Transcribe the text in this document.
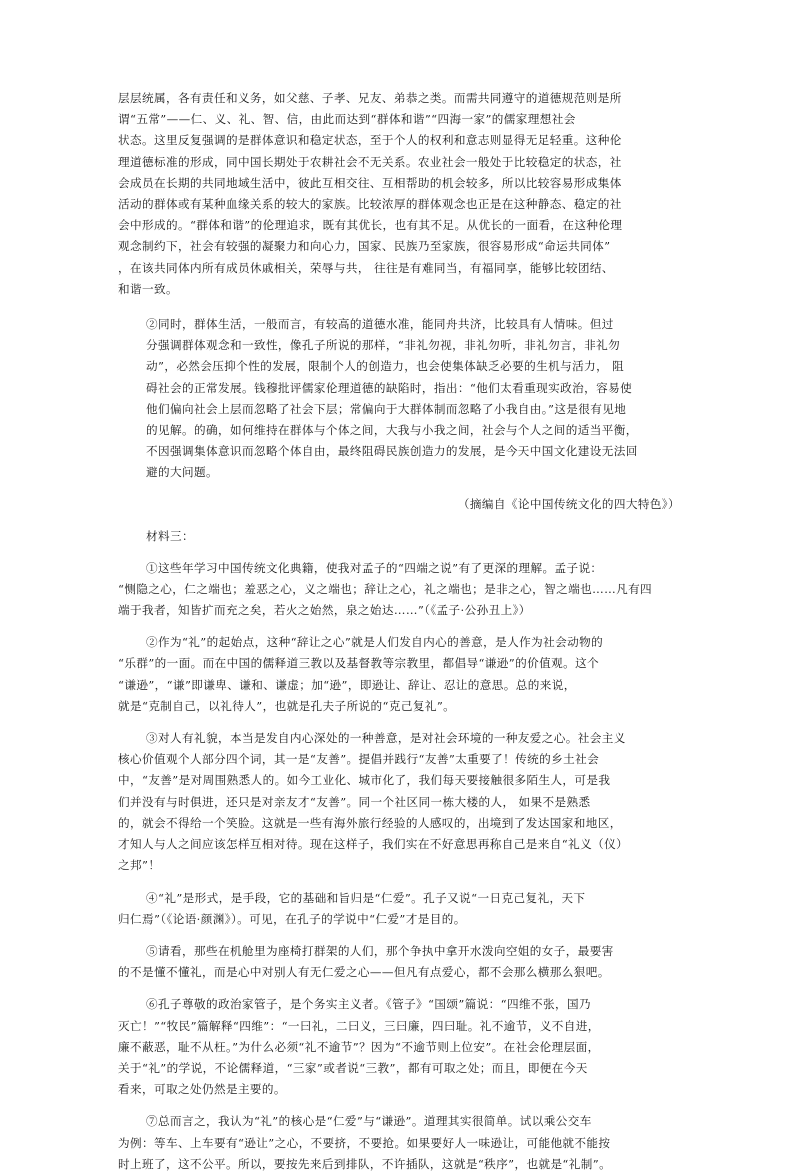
层层统属，各有责任和义务，如父慈、子孝、兄友、弟恭之类。而需共同遵守的道德规范则是所
谓“五常”——仁、义、礼、智、信，由此而达到“群体和谐”“四海一家”的儒家理想社会
状态。这里反复强调的是群体意识和稳定状态，至于个人的权利和意志则显得无足轻重。这种伦
理道德标准的形成，同中国长期处于农耕社会不无关系。农业社会一般处于比较稳定的状态，社
会成员在长期的共同地域生活中，彼此互相交往、互相帮助的机会较多，所以比较容易形成集体
活动的群体或有某种血缘关系的较大的家族。比较浓厚的群体观念也正是在这种静态、稳定的社
会中形成的。“群体和谐”的伦理追求，既有其优长，也有其不足。从优长的一面看，在这种伦理
观念制约下，社会有较强的凝聚力和向心力，国家、民族乃至家族，很容易形成“命运共同体”
，在该共同体内所有成员休戚相关，荣辱与共， 往往是有难同当，有福同享，能够比较团结、
和谐一致。
②同时，群体生活，一般而言，有较高的道德水准，能同舟共济，比较具有人情味。但过
分强调群体观念和一致性，像孔子所说的那样，“非礼勿视，非礼勿听，非礼勿言，非礼勿
动”，必然会压抑个性的发展，限制个人的创造力，也会使集体缺乏必要的生机与活力， 阻
碍社会的正常发展。钱穆批评儒家伦理道德的缺陷时，指出：“他们太看重现实政治，容易使
他们偏向社会上层而忽略了社会下层；常偏向于大群体制而忽略了小我自由。”这是很有见地
的见解。的确，如何维持在群体与个体之间，大我与小我之间，社会与个人之间的适当平衡，
不因强调集体意识而忽略个体自由，最终阻碍民族创造力的发展，是今天中国文化建设无法回
避的大问题。

（摘编自《论中国传统文化的四大特色》）

材料三：

①这些年学习中国传统文化典籍，使我对孟子的“四端之说”有了更深的理解。孟子说：
“恻隐之心，仁之端也；羞恶之心，义之端也；辞让之心，礼之端也；是非之心，智之端也……凡有四
端于我者，知皆扩而充之矣，若火之始然，泉之始达……”（《孟子·公孙丑上》）
②作为“礼”的起始点，这种“辞让之心”就是人们发自内心的善意，是人作为社会动物的
“乐群”的一面。而在中国的儒释道三教以及基督教等宗教里，都倡导“谦逊”的价值观。这个
“谦逊”，“谦”即谦卑、谦和、谦虚；加“逊”，即逊让、辞让、忍让的意思。总的来说，
就是“克制自己，以礼待人”，也就是孔夫子所说的“克己复礼”。
③对人有礼貌，本当是发自内心深处的一种善意，是对社会环境的一种友爱之心。社会主义
核心价值观个人部分四个词，其一是“友善”。提倡并践行“友善”太重要了！传统的乡土社会
中，“友善”是对周围熟悉人的。如今工业化、城市化了，我们每天要接触很多陌生人，可是我
们并没有与时俱进，还只是对亲友才“友善”。同一个社区同一栋大楼的人， 如果不是熟悉
的，就会不得给一个笑脸。这就是一些有海外旅行经验的人感叹的，出境到了发达国家和地区，
才知人与人之间应该怎样互相对待。现在这样子，我们实在不好意思再称自己是来自“礼义（仪）
之邦”！
④“礼”是形式，是手段，它的基础和旨归是“仁爱”。孔子又说“一日克己复礼，天下
归仁焉”（《论语·颜渊》）。可见，在孔子的学说中“仁爱”才是目的。
⑤请看，那些在机舱里为座椅打群架的人们，那个争执中拿开水泼向空姐的女子，最要害
的不是懂不懂礼，而是心中对别人有无仁爱之心——但凡有点爱心，都不会那么横那么狠吧。
⑥孔子尊敬的政治家管子，是个务实主义者。《管子》“国颂”篇说：“四维不张，国乃
灭亡！”“牧民”篇解释“四维”：“一曰礼，二曰义，三曰廉，四曰耻。礼不逾节，义不自进，
廉不蔽恶，耻不从枉。”为什么必须“礼不逾节”？因为“不逾节则上位安”。在社会伦理层面，
关于“礼”的学说，不论儒释道，“三家”或者说“三教”，都有可取之处；而且，即便在今天
看来，可取之处仍然是主要的。
⑦总而言之，我认为“礼”的核心是“仁爱”与“谦逊”。道理其实很简单。试以乘公交车
为例：等车、上车要有“逊让”之心，不要挤，不要抢。如果要好人一味逊让，可能他就不能按
时上班了，这不公平。所以，要按先来后到排队，不许插队，这就是“秩序”，也就是“礼制”。
